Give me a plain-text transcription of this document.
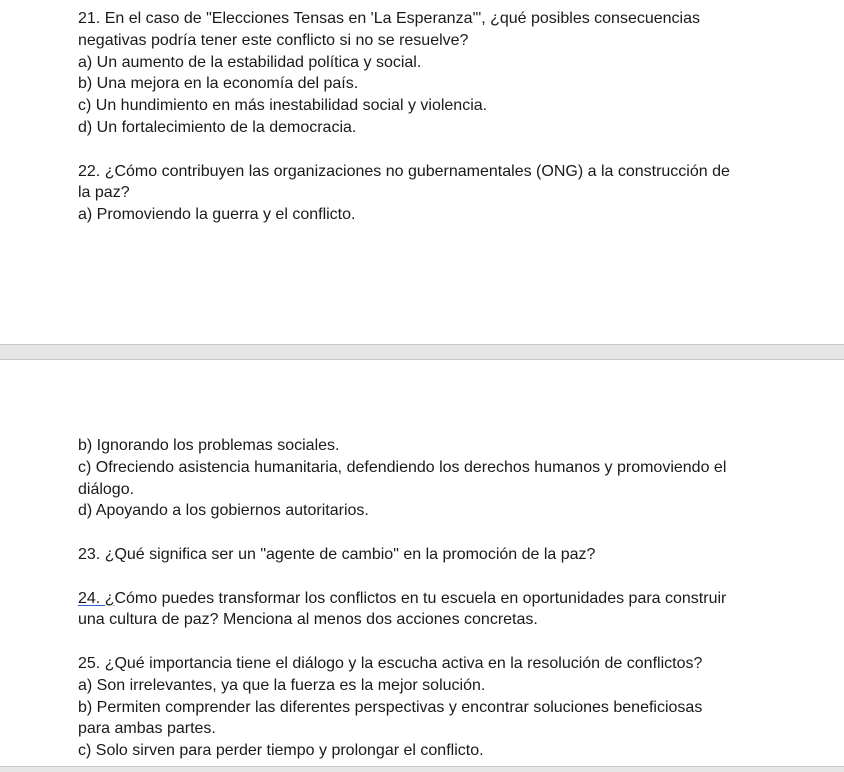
21. En el caso de "Elecciones Tensas en 'La Esperanza'", ¿qué posibles consecuencias
negativas podría tener este conflicto si no se resuelve?
a) Un aumento de la estabilidad política y social.
b) Una mejora en la economía del país.
c) Un hundimiento en más inestabilidad social y violencia.
d) Un fortalecimiento de la democracia.
22. ¿Cómo contribuyen las organizaciones no gubernamentales (ONG) a la construcción de
la paz?
a) Promoviendo la guerra y el conflicto.
b) Ignorando los problemas sociales.
c) Ofreciendo asistencia humanitaria, defendiendo los derechos humanos y promoviendo el
diálogo.
d) Apoyando a los gobiernos autoritarios.
23. ¿Qué significa ser un "agente de cambio" en la promoción de la paz?
24. ¿Cómo puedes transformar los conflictos en tu escuela en oportunidades para construir
una cultura de paz? Menciona al menos dos acciones concretas.
25. ¿Qué importancia tiene el diálogo y la escucha activa en la resolución de conflictos?
a) Son irrelevantes, ya que la fuerza es la mejor solución.
b) Permiten comprender las diferentes perspectivas y encontrar soluciones beneficiosas
para ambas partes.
c) Solo sirven para perder tiempo y prolongar el conflicto.
